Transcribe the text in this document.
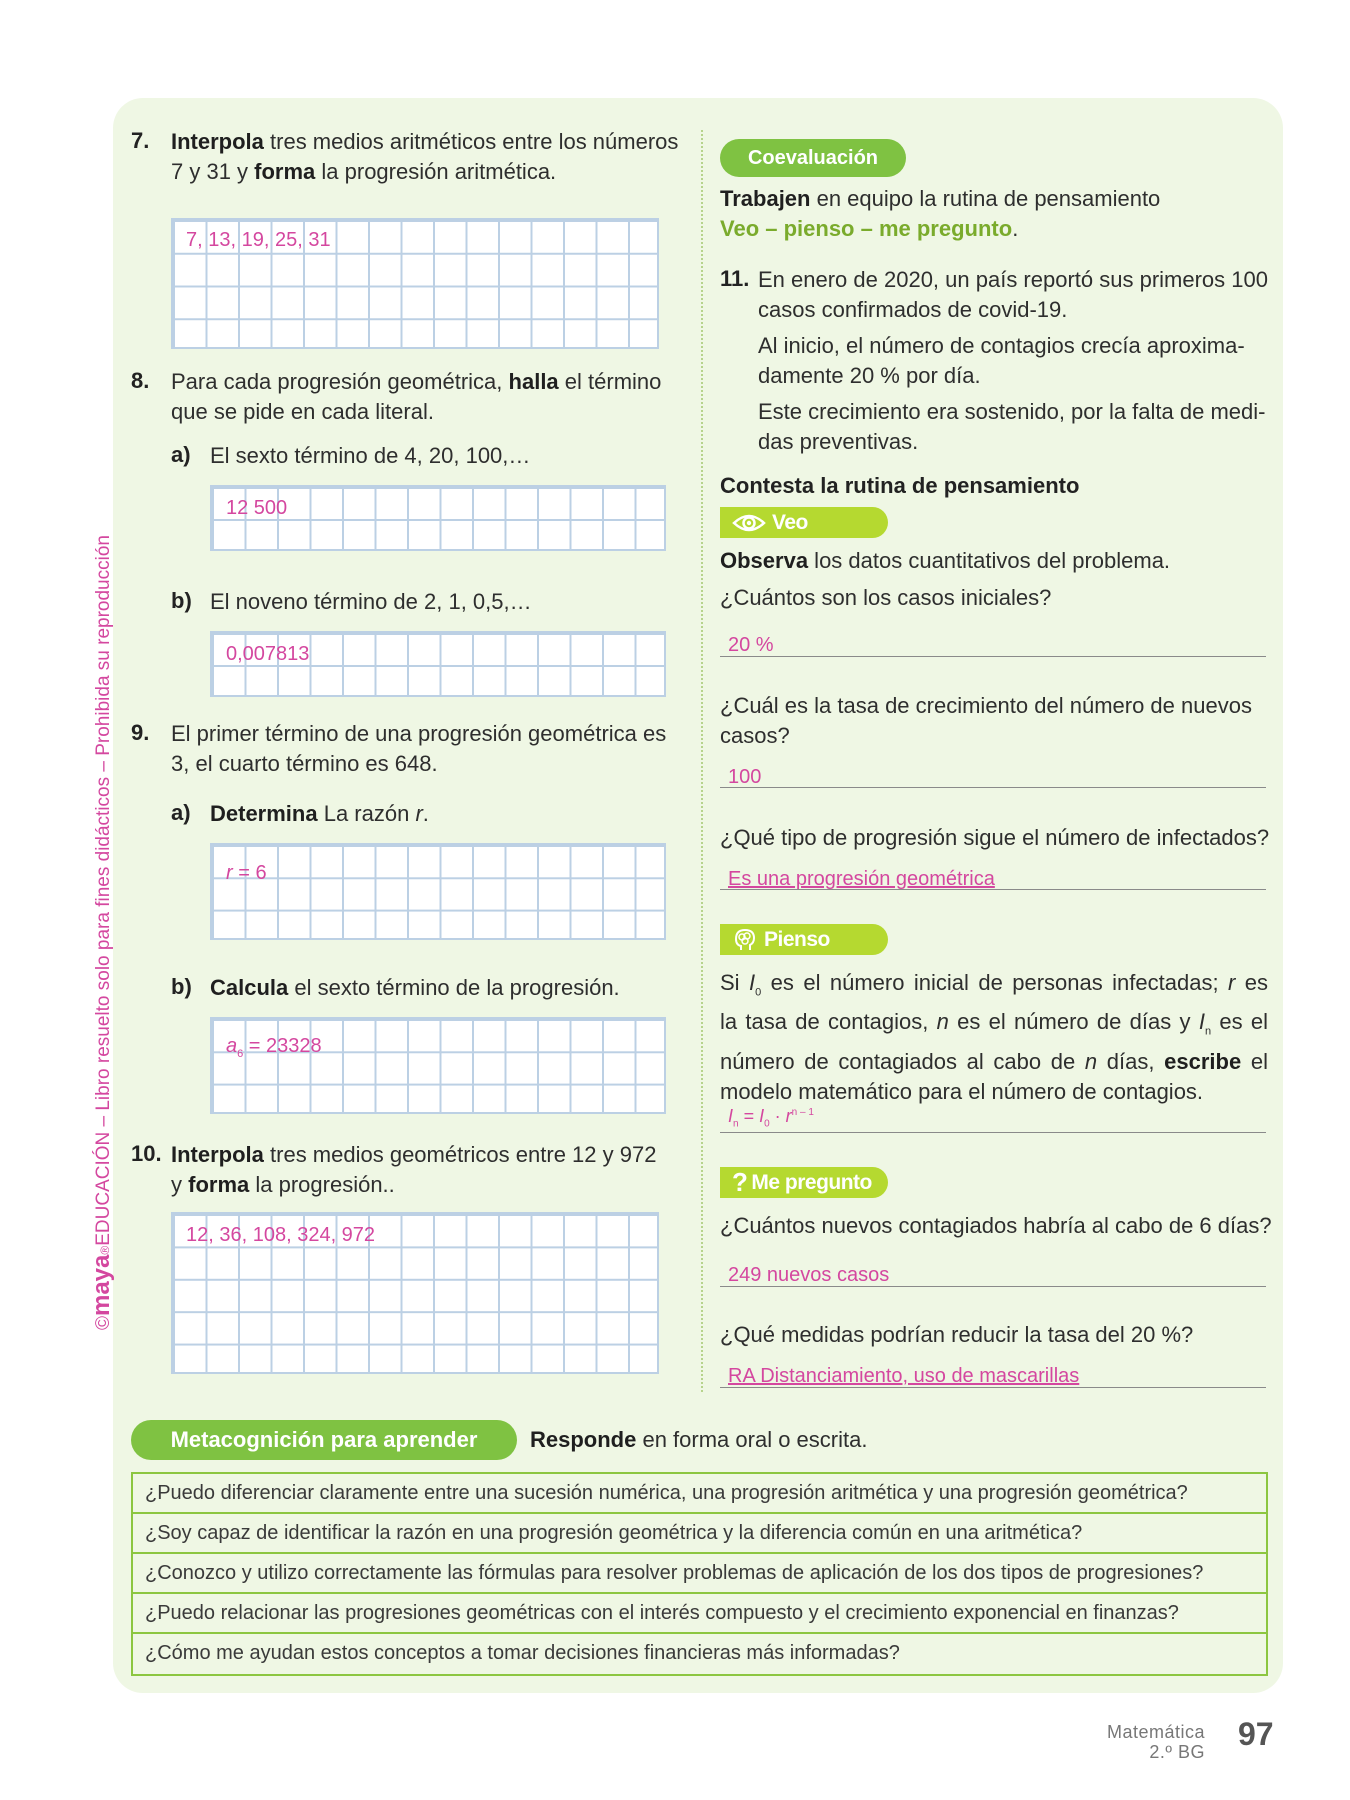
©maya®EDUCACIÓN – Libro resuelto solo para fines didácticos – Prohibida su reproducción
7. Interpola tres medios aritméticos entre los números
7 y 31 y forma la progresión aritmética.
7, 13, 19, 25, 31
8. Para cada progresión geométrica, halla el término
que se pide en cada literal.
a) El sexto término de 4, 20, 100,…
12 500
b) El noveno término de 2, 1, 0,5,…
0,007813
9. El primer término de una progresión geométrica es
3, el cuarto término es 648.
a) Determina La razón r.
r = 6
b) Calcula el sexto término de la progresión.
$a_6 = 23328$
10. Interpola tres medios geométricos entre 12 y 972
y forma la progresión..
12, 36, 108, 324, 972
Coevaluación
Trabajen en equipo la rutina de pensamiento
Veo – pienso – me pregunto.
11. En enero de 2020, un país reportó sus primeros 100
casos confirmados de covid-19.
Al inicio, el número de contagios crecía aproxima-
damente 20 % por día.
Este crecimiento era sostenido, por la falta de medi-
das preventivas.
Contesta la rutina de pensamiento
Veo
Observa los datos cuantitativos del problema.
¿Cuántos son los casos iniciales?
20 %
¿Cuál es la tasa de crecimiento del número de nuevos
casos?
100
¿Qué tipo de progresión sigue el número de infectados?
Es una progresión geométrica
Pienso
Si $I_0$ es el número inicial de personas infectadas; r es
la tasa de contagios, n es el número de días y $I_n$ es el
número de contagiados al cabo de n días, escribe el
modelo matemático para el número de contagios.
$I_n = I_0 \cdot r^{n - 1}$
? Me pregunto
¿Cuántos nuevos contagiados habría al cabo de 6 días?
249 nuevos casos
¿Qué medidas podrían reducir la tasa del 20 %?
RA Distanciamiento, uso de mascarillas
Metacognición para aprender	Responde en forma oral o escrita.
¿Puedo diferenciar claramente entre una sucesión numérica, una progresión aritmética y una progresión geométrica?
¿Soy capaz de identificar la razón en una progresión geométrica y la diferencia común en una aritmética?
¿Conozco y utilizo correctamente las fórmulas para resolver problemas de aplicación de los dos tipos de progresiones?
¿Puedo relacionar las progresiones geométricas con el interés compuesto y el crecimiento exponencial en finanzas?
¿Cómo me ayudan estos conceptos a tomar decisiones financieras más informadas?
Matemática
2.º BG 97
